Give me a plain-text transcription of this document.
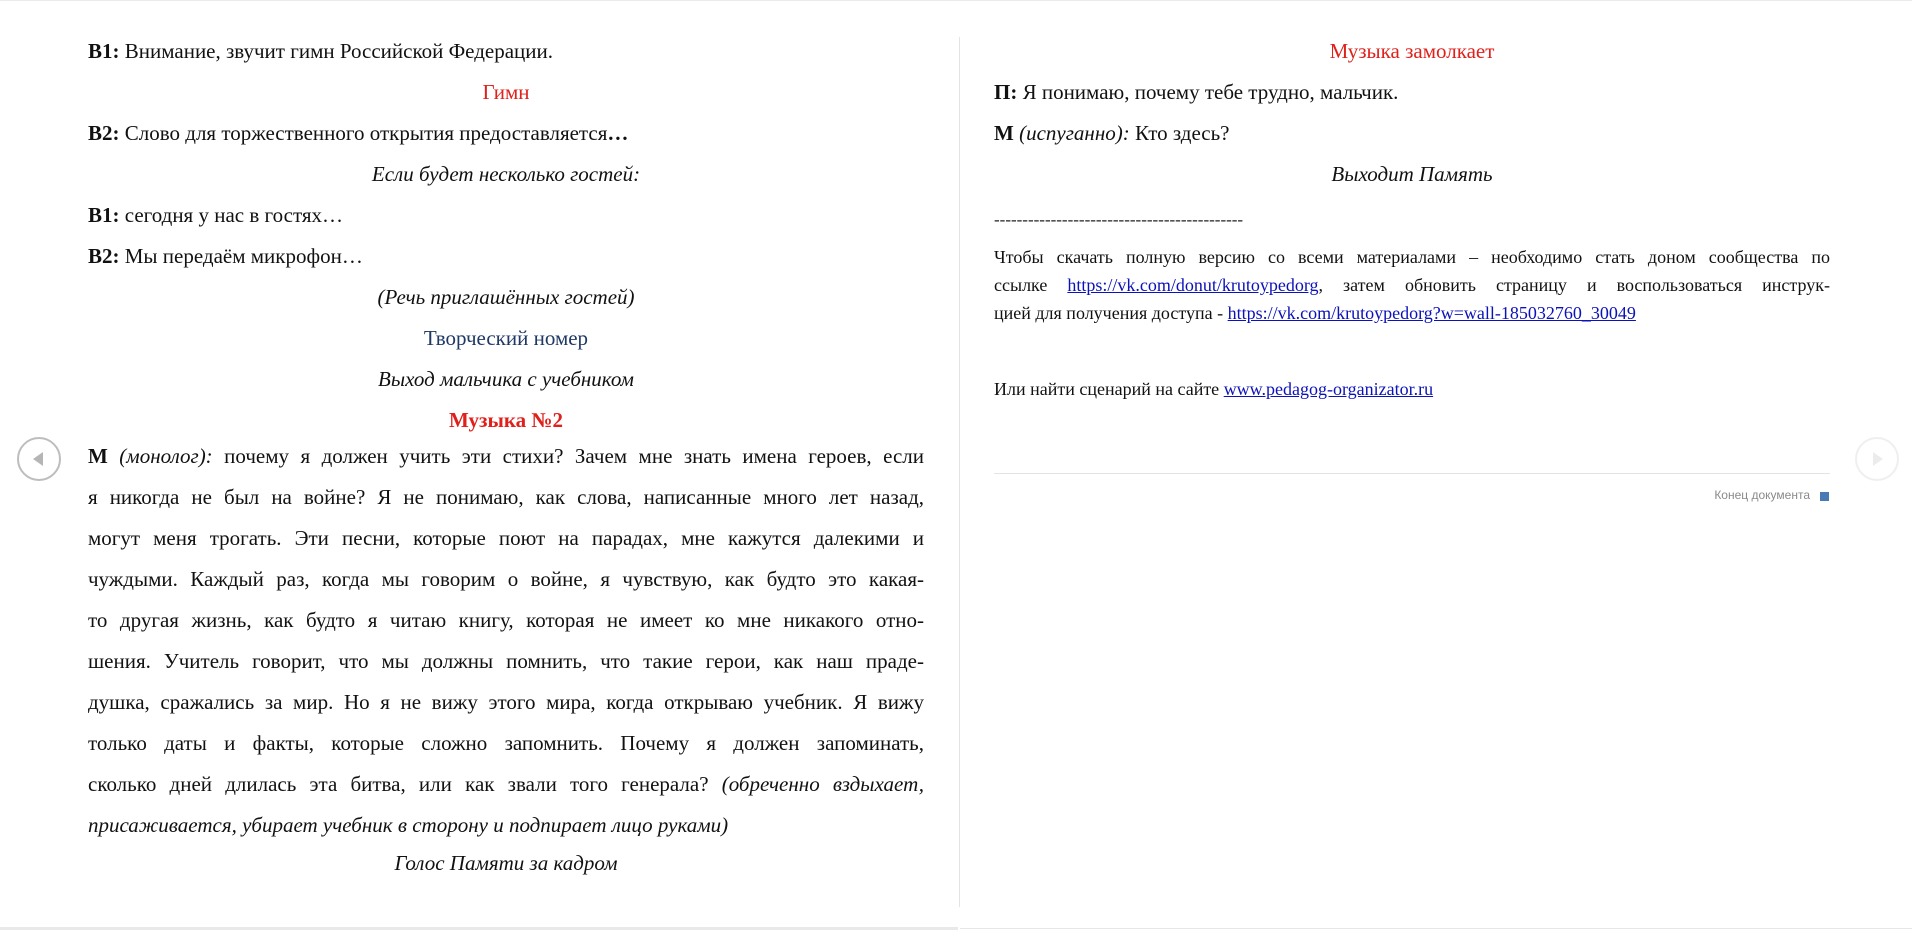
В1: Внимание, звучит гимн Российской Федерации.

Гимн

В2: Слово для торжественного открытия предоставляется…

Если будет несколько гостей:

В1: сегодня у нас в гостях…

В2: Мы передаём микрофон…

(Речь приглашённых гостей)

Творческий номер

Выход мальчика с учебником

Музыка №2

М (монолог): почему я должен учить эти стихи? Зачем мне знать имена героев, если
я никогда не был на войне? Я не понимаю, как слова, написанные много лет назад,
могут меня трогать. Эти песни, которые поют на парадах, мне кажутся далекими и
чуждыми. Каждый раз, когда мы говорим о войне, я чувствую, как будто это какая-
то другая жизнь, как будто я читаю книгу, которая не имеет ко мне никакого отно-
шения. Учитель говорит, что мы должны помнить, что такие герои, как наш праде-
душка, сражались за мир. Но я не вижу этого мира, когда открываю учебник. Я вижу
только даты и факты, которые сложно запомнить. Почему я должен запоминать,
сколько дней длилась эта битва, или как звали того генерала? (обреченно вздыхает,
присаживается, убирает учебник в сторону и подпирает лицо руками)

Голос Памяти за кадром

Музыка замолкает

П: Я понимаю, почему тебе трудно, мальчик.

М (испуганно): Кто здесь?

Выходит Память

--------------------------------------------

Чтобы скачать полную версию со всеми материалами – необходимо стать доном сообщества по
ссылке https://vk.com/donut/krutoypedorg, затем обновить страницу и воспользоваться инструк-
цией для получения доступа - https://vk.com/krutoypedorg?w=wall-185032760_30049

Или найти сценарий на сайте www.pedagog-organizator.ru

Конец документа
